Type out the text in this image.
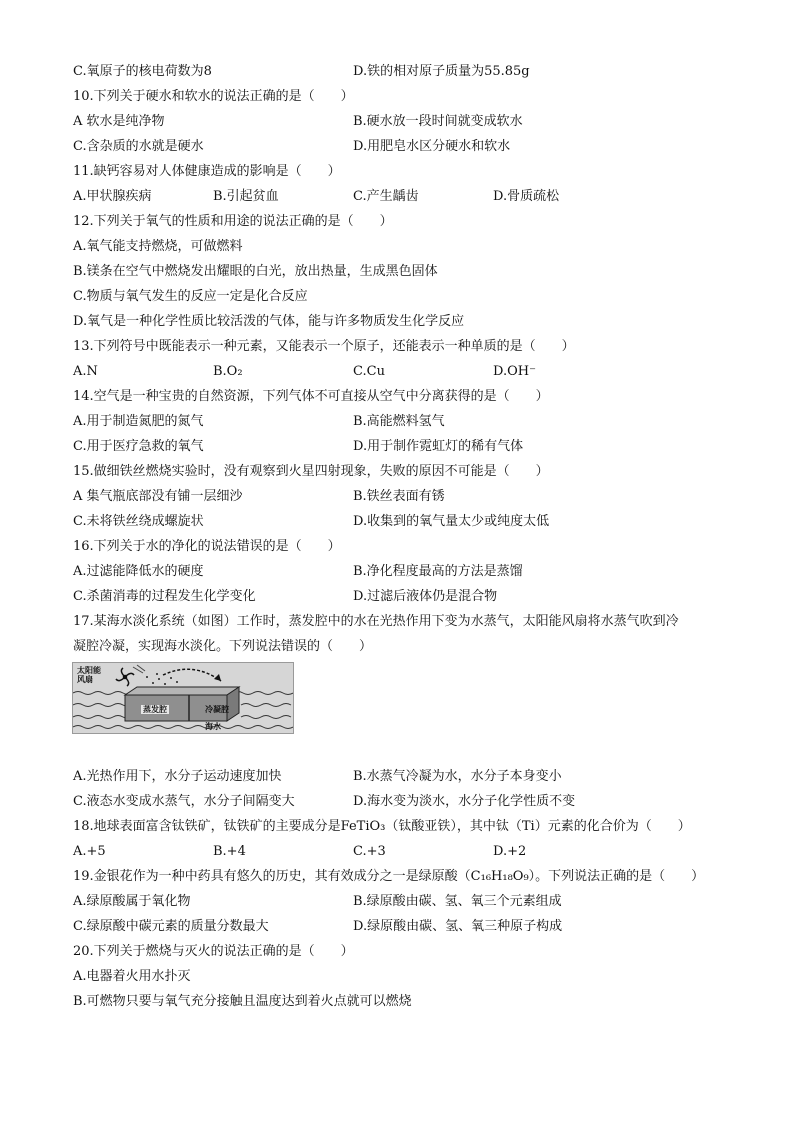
C.氧原子的核电荷数为8	D.铁的相对原子质量为55.85g
10.下列关于硬水和软水的说法正确的是（　　）
A 软水是纯净物	B.硬水放一段时间就变成软水
C.含杂质的水就是硬水	D.用肥皂水区分硬水和软水
11.缺钙容易对人体健康造成的影响是（　　）
A.甲状腺疾病	B.引起贫血	C.产生龋齿	D.骨质疏松
12.下列关于氧气的性质和用途的说法正确的是（　　）
A.氧气能支持燃烧，可做燃料
B.镁条在空气中燃烧发出耀眼的白光，放出热量，生成黑色固体
C.物质与氧气发生的反应一定是化合反应
D.氧气是一种化学性质比较活泼的气体，能与许多物质发生化学反应
13.下列符号中既能表示一种元素，又能表示一个原子，还能表示一种单质的是（　　）
A.N	B.O₂	C.Cu	D.OH⁻
14.空气是一种宝贵的自然资源，下列气体不可直接从空气中分离获得的是（　　）
A.用于制造氮肥的氮气	B.高能燃料氢气
C.用于医疗急救的氧气	D.用于制作霓虹灯的稀有气体
15.做细铁丝燃烧实验时，没有观察到火星四射现象，失败的原因不可能是（　　）
A 集气瓶底部没有铺一层细沙	B.铁丝表面有锈
C.未将铁丝绕成螺旋状	D.收集到的氧气量太少或纯度太低
16.下列关于水的净化的说法错误的是（　　）
A.过滤能降低水的硬度	B.净化程度最高的方法是蒸馏
C.杀菌消毒的过程发生化学变化	D.过滤后液体仍是混合物
17.某海水淡化系统（如图）工作时，蒸发腔中的水在光热作用下变为水蒸气，太阳能风扇将水蒸气吹到冷
凝腔冷凝，实现海水淡化。下列说法错误的（　　）
太阳能风扇
蒸发腔	冷凝腔
海水
A.光热作用下，水分子运动速度加快	B.水蒸气冷凝为水，水分子本身变小
C.液态水变成水蒸气，水分子间隔变大	D.海水变为淡水，水分子化学性质不变
18.地球表面富含钛铁矿，钛铁矿的主要成分是FeTiO₃（钛酸亚铁），其中钛（Ti）元素的化合价为（　　）
A.+5	B.+4	C.+3	D.+2
19.金银花作为一种中药具有悠久的历史，其有效成分之一是绿原酸（C₁₆H₁₈O₉）。下列说法正确的是（　　）
A.绿原酸属于氧化物	B.绿原酸由碳、氢、氧三个元素组成
C.绿原酸中碳元素的质量分数最大	D.绿原酸由碳、氢、氧三种原子构成
20.下列关于燃烧与灭火的说法正确的是（　　）
A.电器着火用水扑灭
B.可燃物只要与氧气充分接触且温度达到着火点就可以燃烧
